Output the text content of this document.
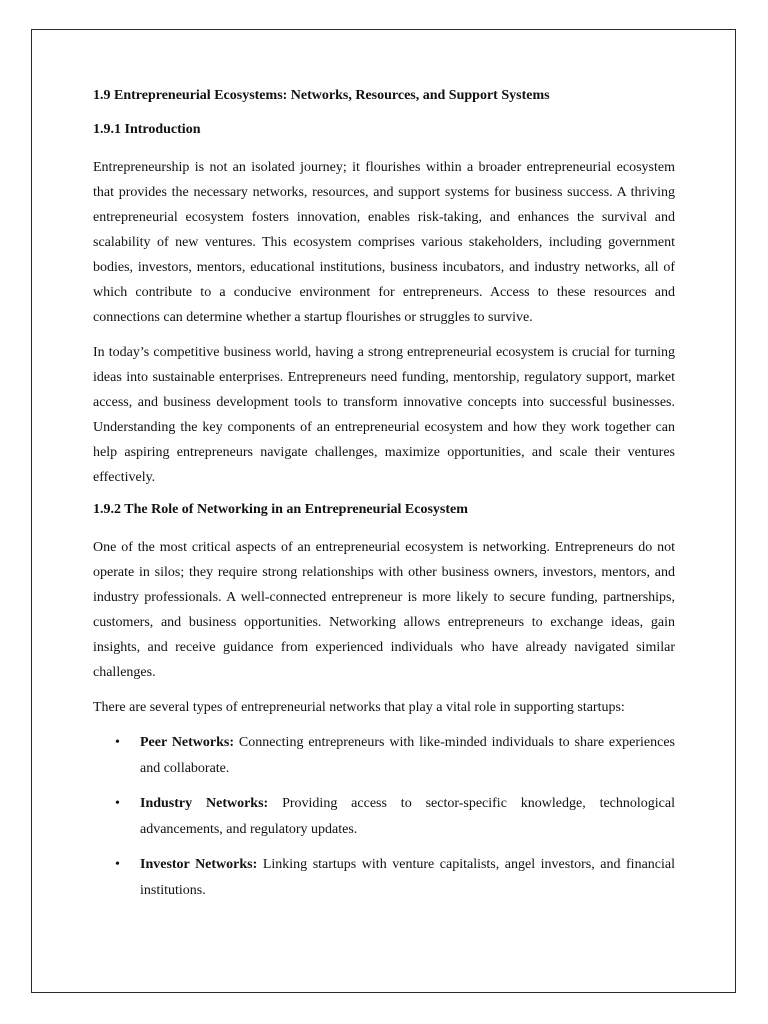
1.9 Entrepreneurial Ecosystems: Networks, Resources, and Support Systems
1.9.1 Introduction

Entrepreneurship is not an isolated journey; it flourishes within a broader entrepreneurial ecosystem that provides the necessary networks, resources, and support systems for business success. A thriving entrepreneurial ecosystem fosters innovation, enables risk-taking, and enhances the survival and scalability of new ventures. This ecosystem comprises various stakeholders, including government bodies, investors, mentors, educational institutions, business incubators, and industry networks, all of which contribute to a conducive environment for entrepreneurs. Access to these resources and connections can determine whether a startup flourishes or struggles to survive.

In today’s competitive business world, having a strong entrepreneurial ecosystem is crucial for turning ideas into sustainable enterprises. Entrepreneurs need funding, mentorship, regulatory support, market access, and business development tools to transform innovative concepts into successful businesses. Understanding the key components of an entrepreneurial ecosystem and how they work together can help aspiring entrepreneurs navigate challenges, maximize opportunities, and scale their ventures effectively.

1.9.2 The Role of Networking in an Entrepreneurial Ecosystem

One of the most critical aspects of an entrepreneurial ecosystem is networking. Entrepreneurs do not operate in silos; they require strong relationships with other business owners, investors, mentors, and industry professionals. A well-connected entrepreneur is more likely to secure funding, partnerships, customers, and business opportunities. Networking allows entrepreneurs to exchange ideas, gain insights, and receive guidance from experienced individuals who have already navigated similar challenges.

There are several types of entrepreneurial networks that play a vital role in supporting startups:

• Peer Networks: Connecting entrepreneurs with like-minded individuals to share experiences and collaborate.
• Industry Networks: Providing access to sector-specific knowledge, technological advancements, and regulatory updates.
• Investor Networks: Linking startups with venture capitalists, angel investors, and financial institutions.
